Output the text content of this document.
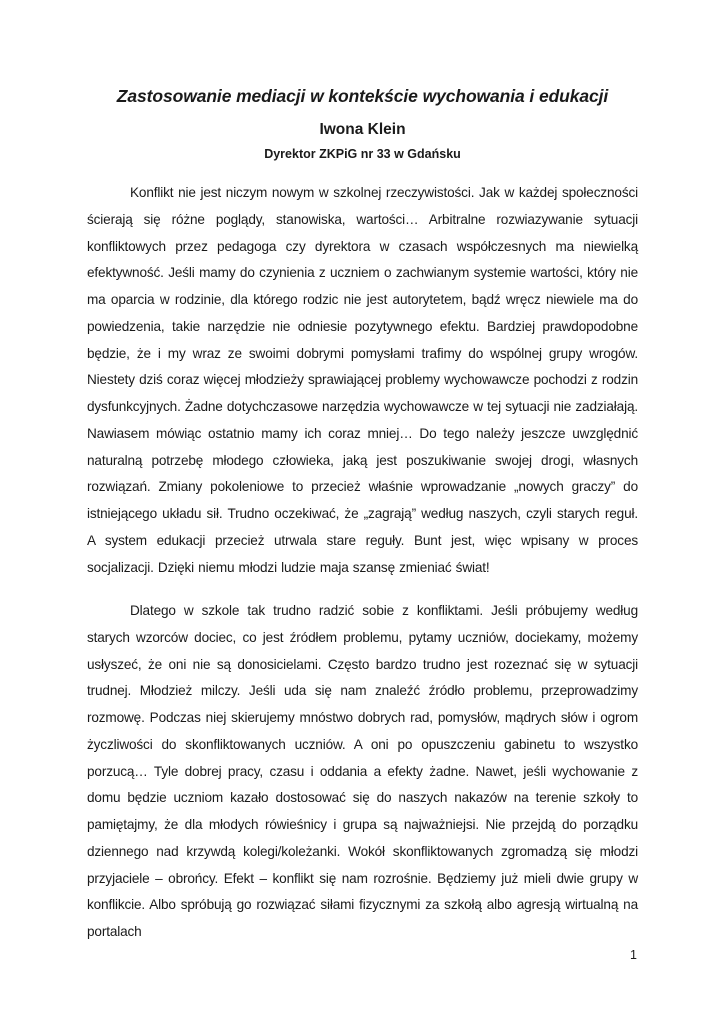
Zastosowanie mediacji w kontekście wychowania i edukacji
Iwona Klein
Dyrektor ZKPiG nr 33 w Gdańsku

Konflikt nie jest niczym nowym w szkolnej rzeczywistości. Jak w każdej społeczności ścierają się różne poglądy, stanowiska, wartości… Arbitralne rozwiazywanie sytuacji konfliktowych przez pedagoga czy dyrektora w czasach współczesnych ma niewielką efektywność. Jeśli mamy do czynienia z uczniem o zachwianym systemie wartości, który nie ma oparcia w rodzinie, dla którego rodzic nie jest autorytetem, bądź wręcz niewiele ma do powiedzenia, takie narzędzie nie odniesie pozytywnego efektu. Bardziej prawdopodobne będzie, że i my wraz ze swoimi dobrymi pomysłami trafimy do wspólnej grupy wrogów. Niestety dziś coraz więcej młodzieży sprawiającej problemy wychowawcze pochodzi z rodzin dysfunkcyjnych. Żadne dotychczasowe narzędzia wychowawcze w tej sytuacji nie zadziałają. Nawiasem mówiąc ostatnio mamy ich coraz mniej… Do tego należy jeszcze uwzględnić naturalną potrzebę młodego człowieka, jaką jest poszukiwanie swojej drogi, własnych rozwiązań. Zmiany pokoleniowe to przecież właśnie wprowadzanie „nowych graczy” do istniejącego układu sił. Trudno oczekiwać, że „zagrają” według naszych, czyli starych reguł. A system edukacji przecież utrwala stare reguły. Bunt jest, więc wpisany w proces socjalizacji. Dzięki niemu młodzi ludzie maja szansę zmieniać świat!

Dlatego w szkole tak trudno radzić sobie z konfliktami. Jeśli próbujemy według starych wzorców dociec, co jest źródłem problemu, pytamy uczniów, dociekamy, możemy usłyszeć, że oni nie są donosicielami. Często bardzo trudno jest rozeznać się w sytuacji trudnej. Młodzież milczy. Jeśli uda się nam znaleźć źródło problemu, przeprowadzimy rozmowę. Podczas niej skierujemy mnóstwo dobrych rad, pomysłów, mądrych słów i ogrom życzliwości do skonfliktowanych uczniów. A oni po opuszczeniu gabinetu to wszystko porzucą… Tyle dobrej pracy, czasu i oddania a efekty żadne. Nawet, jeśli wychowanie z domu będzie uczniom kazało dostosować się do naszych nakazów na terenie szkoły to pamiętajmy, że dla młodych rówieśnicy i grupa są najważniejsi. Nie przejdą do porządku dziennego nad krzywdą kolegi/koleżanki. Wokół skonfliktowanych zgromadzą się młodzi przyjaciele – obrońcy. Efekt – konflikt się nam rozrośnie. Będziemy już mieli dwie grupy w konflikcie. Albo spróbują go rozwiązać siłami fizycznymi za szkołą albo agresją wirtualną na portalach

1
